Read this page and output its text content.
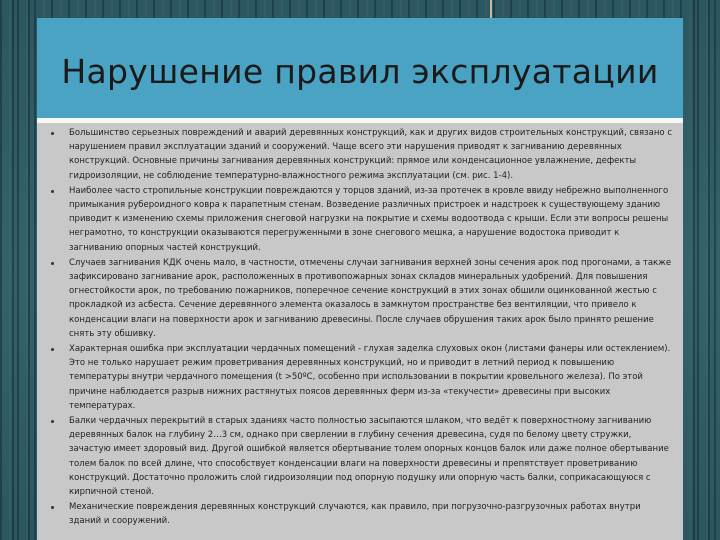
Нарушение правил эксплуатации
Большинство серьезных повреждений и аварий деревянных конструкций, как и других видов строительных конструкций, связано с нарушением правил эксплуатации зданий и сооружений. Чаще всего эти нарушения приводят к загниванию деревянных конструкций. Основные причины загнивания деревянных конструкций: прямое или конденсационное увлажнение, дефекты гидроизоляции, не соблюдение температурно-влажностного режима эксплуатации (см. рис. 1-4).
Наиболее часто стропильные конструкции повреждаются у торцов зданий, из-за протечек в кровле ввиду небрежно выполненного примыкания рубероидного ковра к парапетным стенам. Возведение различных пристроек и надстроек к существующему зданию приводит к изменению схемы приложения снеговой нагрузки на покрытие и схемы водоотвода с крыши. Если эти вопросы решены неграмотно, то конструкции оказываются перегруженными в зоне снегового мешка, а нарушение водостока приводит к загниванию опорных частей конструкций.
Случаев загнивания КДК очень мало, в частности, отмечены случаи загнивания верхней зоны сечения арок под прогонами, а также зафиксировано загнивание арок, расположенных в противопожарных зонах складов минеральных удобрений. Для повышения огнестойкости арок, по требованию пожарников, поперечное сечение конструкций в этих зонах обшили оцинкованной жестью с прокладкой из асбеста. Сечение деревянного элемента оказалось в замкнутом пространстве без вентиляции, что привело к конденсации влаги на поверхности арок и загниванию древесины. После случаев обрушения таких арок было принято решение снять эту обшивку.
Характерная ошибка при эксплуатации чердачных помещений - глухая заделка слуховых окон (листами фанеры или остеклением). Это не только нарушает режим проветривания деревянных конструкций, но и приводит в летний период к повышению температуры внутри чердачного помещения (t >50ºС, особенно при использовании в покрытии кровельного железа). По этой причине наблюдается разрыв нижних растянутых поясов деревянных ферм из-за «текучести» древесины при высоких температурах.
Балки чердачных перекрытий в старых зданиях часто полностью засыпаются шлаком, что ведёт к поверхностному загниванию деревянных балок на глубину 2…3 см, однако при сверлении в глубину сечения древесина, судя по белому цвету стружки, зачастую имеет здоровый вид. Другой ошибкой является обертывание толем опорных концов балок или даже полное обертывание толем балок по всей длине, что способствует конденсации влаги на поверхности древесины и препятствует проветриванию конструкций. Достаточно проложить слой гидроизоляции под опорную подушку или опорную часть балки, соприкасающуюся с кирпичной стеной.
Механические повреждения деревянных конструкций случаются, как правило, при погрузочно-разгрузочных работах внутри зданий и сооружений.
